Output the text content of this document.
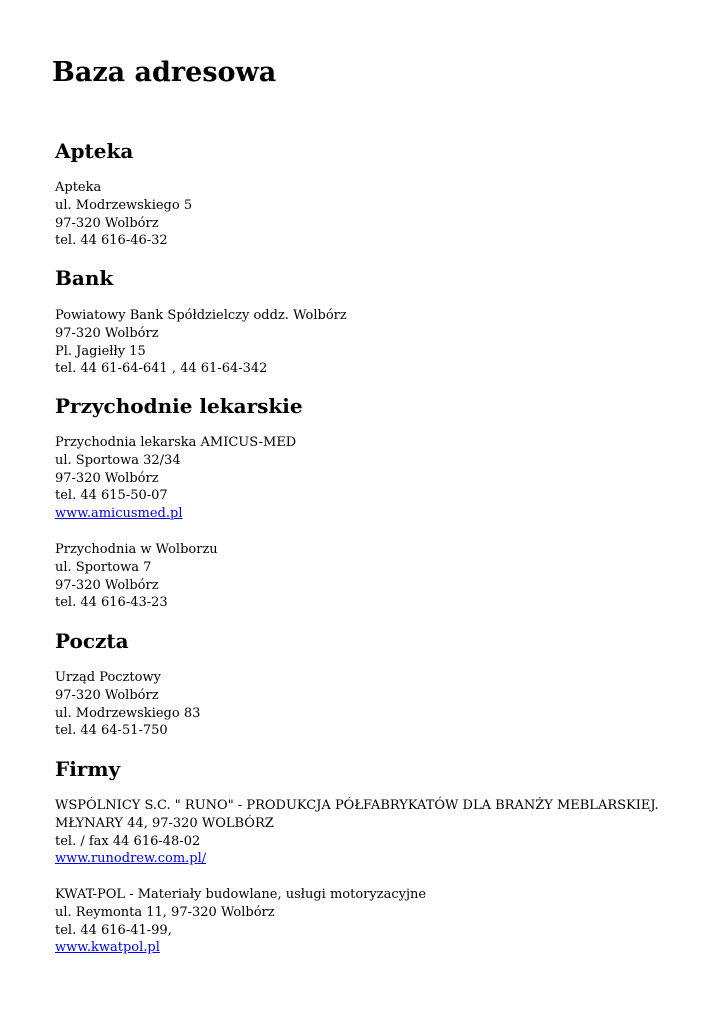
Baza adresowa
Apteka
Apteka
ul. Modrzewskiego 5
97-320 Wolbórz
tel. 44 616-46-32
Bank
Powiatowy Bank Spółdzielczy oddz. Wolbórz
97-320 Wolbórz
Pl. Jagiełły 15
tel. 44 61-64-641 , 44 61-64-342
Przychodnie lekarskie
Przychodnia lekarska AMICUS-MED
ul. Sportowa 32/34
97-320 Wolbórz
tel. 44 615-50-07
www.amicusmed.pl
Przychodnia w Wolborzu
ul. Sportowa 7
97-320 Wolbórz
tel. 44 616-43-23
Poczta
Urząd Pocztowy
97-320 Wolbórz
ul. Modrzewskiego 83
tel. 44 64-51-750
Firmy
WSPÓLNICY S.C. " RUNO" - PRODUKCJA PÓŁFABRYKATÓW DLA BRANŻY MEBLARSKIEJ.
MŁYNARY 44, 97-320 WOLBÓRZ
tel. / fax 44 616-48-02
www.runodrew.com.pl/
KWAT-POL - Materiały budowlane, usługi motoryzacyjne
ul. Reymonta 11, 97-320 Wolbórz
tel. 44 616-41-99,
www.kwatpol.pl
